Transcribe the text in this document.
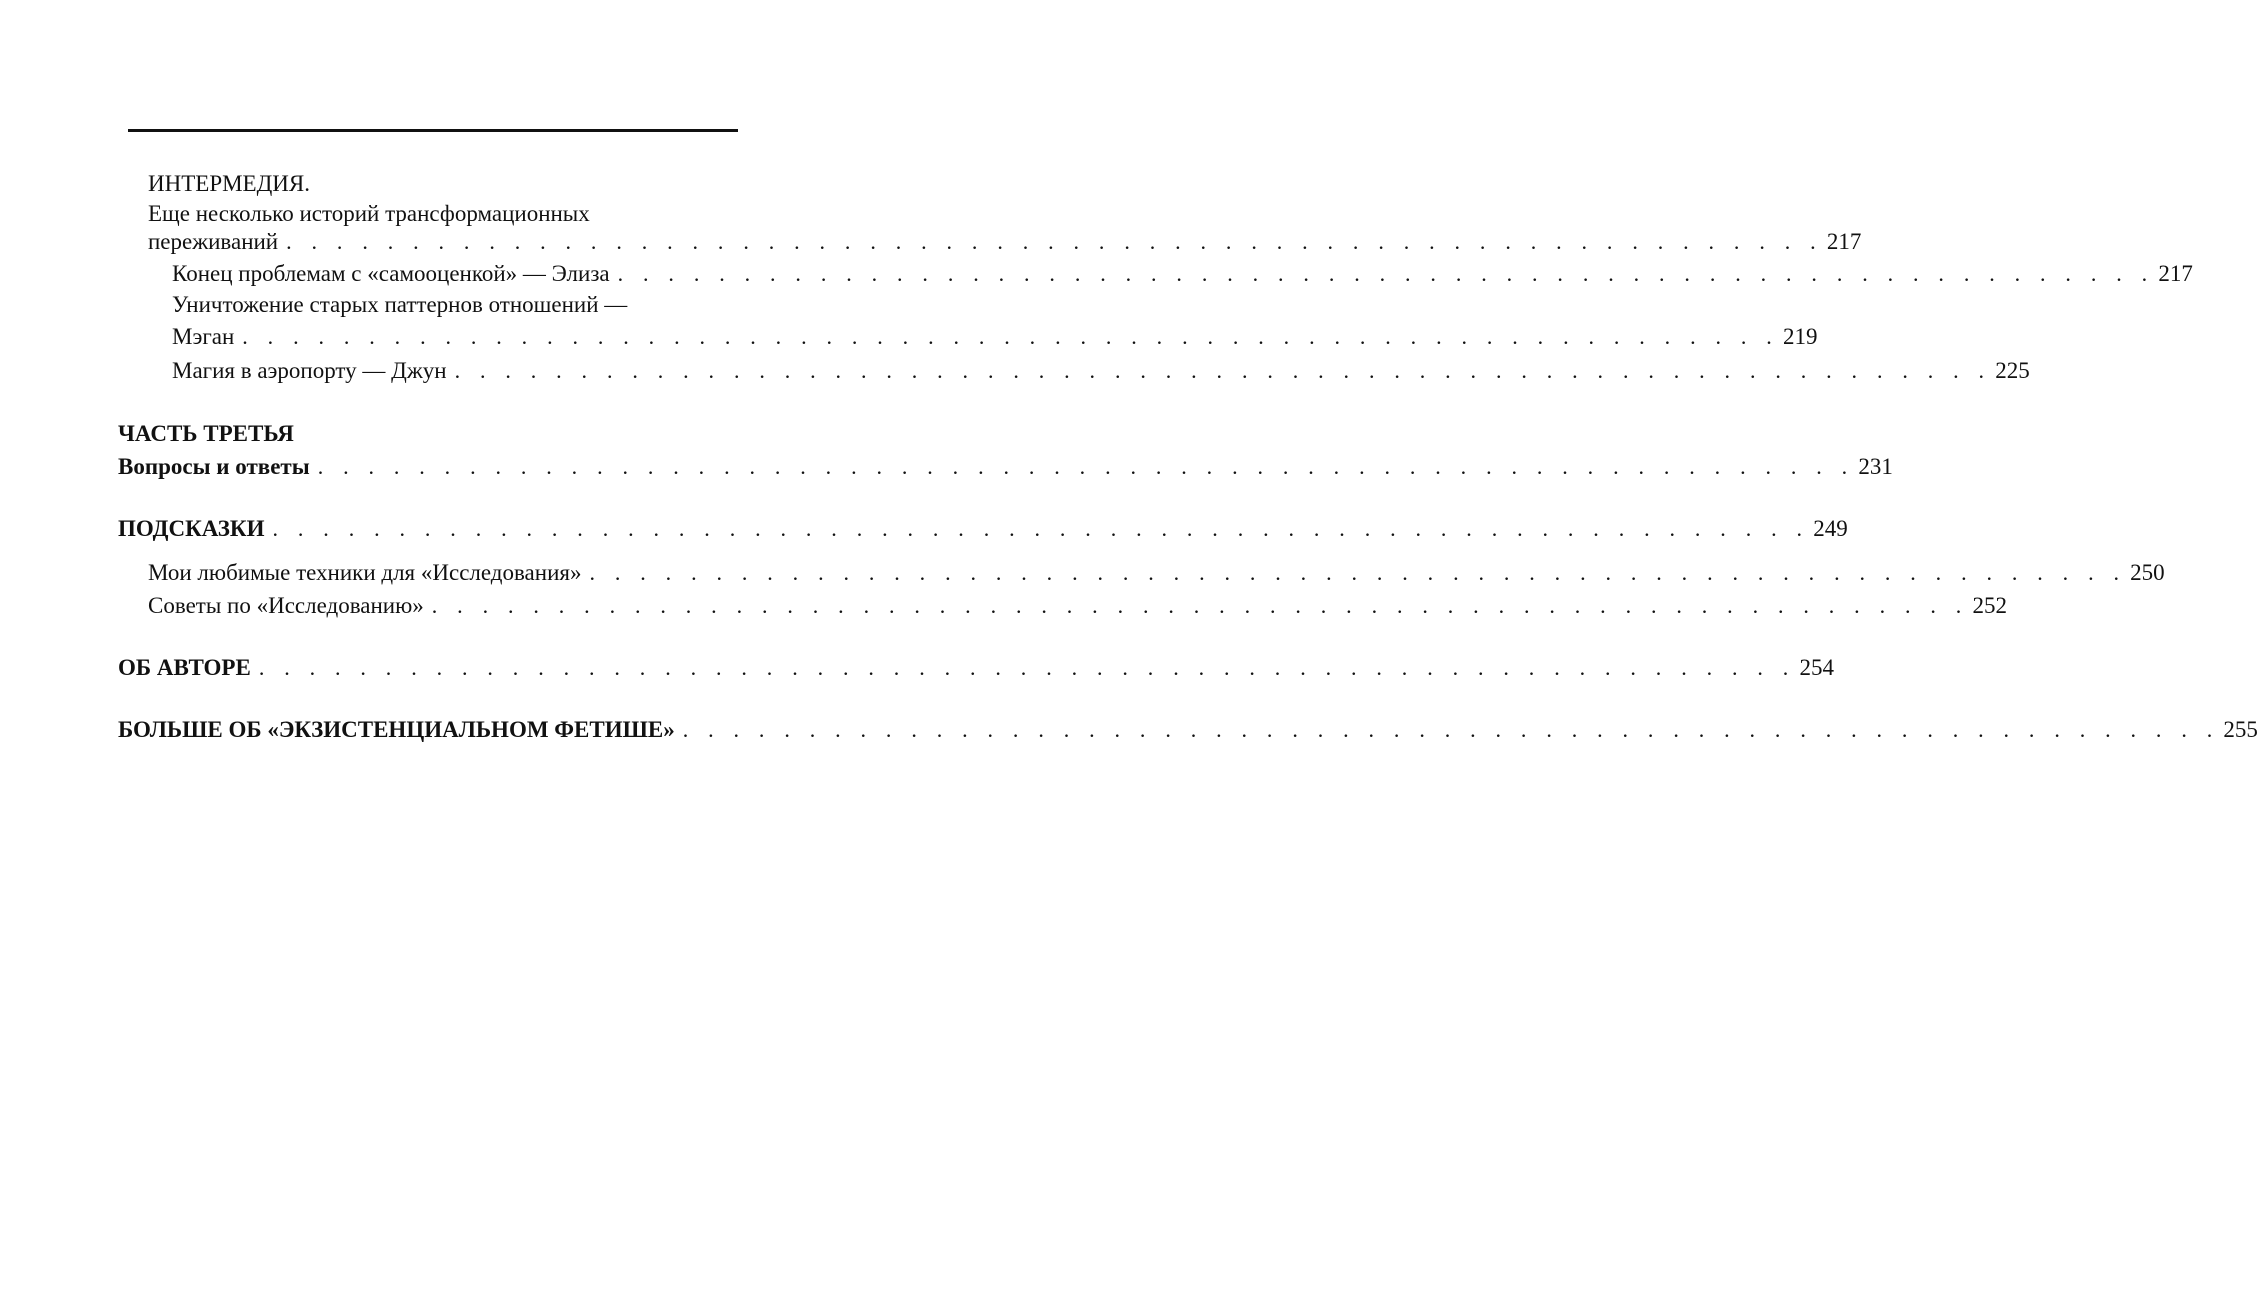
ИНТЕРМЕДИЯ.
Еще несколько историй трансформационных
переживаний . . . . . . . . . . . . . . . . . . . . . . . . . . . . . . . . . . . . . . . . . . . . . . . . . . . . . . . . . . . . . 217
Конец проблемам с «самооценкой» — Элиза . . . . . . . . . . . . . . . . . . . . . . . . . . . . . . . . . . . . . . . . . . . . . . . . . . . . . . . . . . . . . 217
Уничтожение старых паттернов отношений —
Мэган . . . . . . . . . . . . . . . . . . . . . . . . . . . . . . . . . . . . . . . . . . . . . . . . . . . . . . . . . . . . . 219
Магия в аэропорту — Джун . . . . . . . . . . . . . . . . . . . . . . . . . . . . . . . . . . . . . . . . . . . . . . . . . . . . . . . . . . . . . 225
ЧАСТЬ ТРЕТЬЯ
Вопросы и ответы . . . . . . . . . . . . . . . . . . . . . . . . . . . . . . . . . . . . . . . . . . . . . . . . . . . . . . . . . . . . . 231
ПОДСКАЗКИ . . . . . . . . . . . . . . . . . . . . . . . . . . . . . . . . . . . . . . . . . . . . . . . . . . . . . . . . . . . . . 249
Мои любимые техники для «Исследования» . . . . . . . . . . . . . . . . . . . . . . . . . . . . . . . . . . . . . . . . . . . . . . . . . . . . . . . . . . . . . 250
Советы по «Исследованию» . . . . . . . . . . . . . . . . . . . . . . . . . . . . . . . . . . . . . . . . . . . . . . . . . . . . . . . . . . . . . 252
ОБ АВТОРЕ . . . . . . . . . . . . . . . . . . . . . . . . . . . . . . . . . . . . . . . . . . . . . . . . . . . . . . . . . . . . . 254
БОЛЬШЕ ОБ «ЭКЗИСТЕНЦИАЛЬНОМ ФЕТИШЕ» . . . . . . . . . . . . . . . . . . . . . . . . . . . . . . . . . . . . . . . . . . . . . . . . . . . . . . . . . . . . . 255
